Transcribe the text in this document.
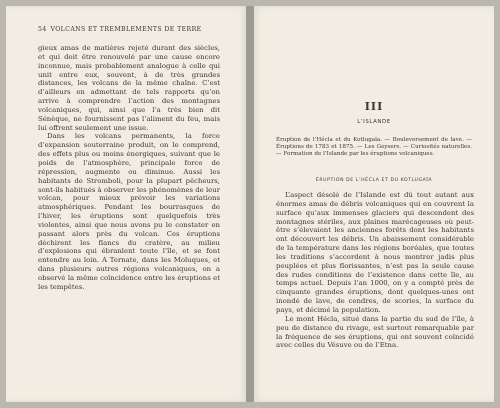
54 VOLCANS ET TREMBLEMENTS DE TERRE

gieux amas de matières rejeté durant des siècles, et qui doit être renouvelé par une cause encore inconnue, mais probablement analogue à celle qui unit entre eux, souvent, à de très grandes distances, les volcans de la même chaîne. C’est d’ailleurs en admettant de tels rapports qu’on arrive à comprendre l’action des montagnes volcaniques, qui, ainsi que l’a très bien dit Sénèque, ne fournissent pas l’aliment du feu, mais lui offrent seulement une issue.

Dans les volcans permanents, la force d’expansion souterraine produit, on le comprend, des effets plus ou moins énergiques, suivant que le poids de l’atmosphère, principale force de répression, augmente ou diminue. Aussi les habitants de Stromboli, pour la plupart pêcheurs, sont-ils habitués à observer les phénomènes de leur volcan, pour mieux prévoir les variations atmosphériques. Pendant les bourrasques de l’hiver, les éruptions sont quelquefois très violentes, ainsi que nous avons pu le constater en passant alors près du volcan. Ces éruptions déchirent les flancs du cratère, au milieu d’explosions qui ébranlent toute l’île, et se font entendre au loin. A Ternate, dans les Moluques, et dans plusieurs autres régions volcaniques, on a observé la même coïncidence entre les éruptions et les tempêtes.

III
L’ISLANDE
Éruption de l’Hécla et du Kotlugaïa. — Bouleversement de lave. — Éruptions de 1783 et 1875. — Les Geysers. — Curiosités naturelles. — Formation de l’Islande par les éruptions volcaniques.
ÉRUPTION DE L’HÉCLA ET DU KOTLUGAÏA

L’aspect désolé de l’Islande est dû tout autant aux énormes amas de débris volcaniques qui en couvrent la surface qu’aux immenses glaciers qui descendent des montagnes stériles, aux plaines marécageuses où peut-être s’élevaient les anciennes forêts dont les habitants ont découvert les débris. Un abaissement considérable de la température dans les régions boréales, que toutes les traditions s’accordent à nous montrer jadis plus peuplées et plus florissantes, n’est pas la seule cause des rudes conditions de l’existence dans cette île, au temps actuel. Depuis l’an 1000, on y a compté près de cinquante grandes éruptions, dont quelques-unes ont inondé de lave, de cendres, de scories, la surface du pays, et décimé la population.

Le mont Hécla, situé dans la partie du sud de l’île, à peu de distance du rivage, est surtout remarquable par la fréquence de ses éruptions, qui ont souvent coïncidé avec celles du Vésuve ou de l’Etna.
